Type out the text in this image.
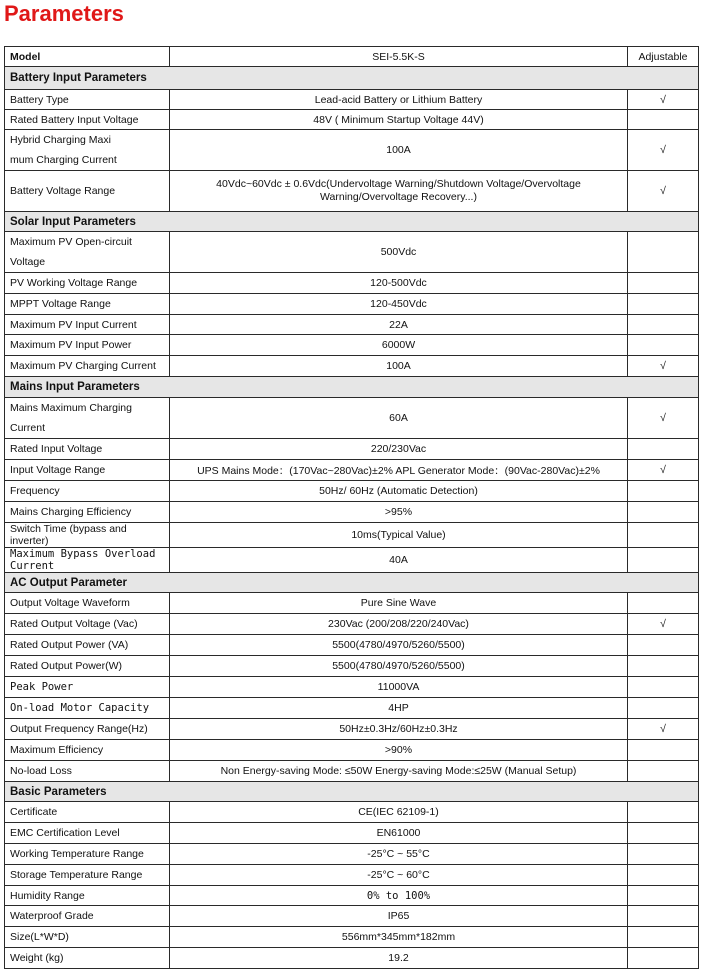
Parameters
Model	SEI-5.5K-S	Adjustable
Battery Input Parameters		
Battery Type	Lead-acid Battery or Lithium Battery	√
Rated Battery Input Voltage	48V ( Minimum Startup Voltage 44V)	

Hybrid Charging Maxi
mum Charging Current	100A	√
Battery Voltage Range	40Vdc~60Vdc ± 0.6Vdc(Undervoltage Warning/Shutdown Voltage/Overvoltage
Warning/Overvoltage Recovery...)	√
Solar Input Parameters		

Maximum PV Open-circuit
Voltage	500Vdc	
PV Working Voltage Range	120-500Vdc	
MPPT Voltage Range	120-450Vdc	
Maximum PV Input Current	22A	
Maximum PV Input Power	6000W	
Maximum PV Charging Current	100A	√
Mains Input Parameters		

Mains Maximum Charging
Current	60A	√
Rated Input Voltage	220/230Vac	
Input Voltage Range	UPS Mains Mode：(170Vac~280Vac)±2% APL Generator Mode：(90Vac-280Vac)±2%	√
Frequency	50Hz/ 60Hz (Automatic Detection)	
Mains Charging Efficiency	>95%	
Switch Time (bypass and inverter)	10ms(Typical Value)	
Maximum Bypass Overload Current	40A	
AC Output Parameter		
Output Voltage Waveform	Pure Sine Wave	
Rated Output Voltage (Vac)	230Vac (200/208/220/240Vac)	√
Rated Output Power (VA)	5500(4780/4970/5260/5500)	
Rated Output Power(W)	5500(4780/4970/5260/5500)	
Peak Power	11000VA	
On-load Motor Capacity	4HP	
Output Frequency Range(Hz)	50Hz±0.3Hz/60Hz±0.3Hz	√
Maximum Efficiency	>90%	
No-load Loss	Non Energy-saving Mode: ≤50W Energy-saving Mode:≤25W (Manual Setup)	
Basic Parameters		
Certificate	CE(IEC 62109-1)	
EMC Certification Level	EN61000	
Working Temperature Range	-25°C ~ 55°C	
Storage Temperature Range	-25°C ~ 60°C	
Humidity Range	0% to 100%	
Waterproof Grade	IP65	
Size(L*W*D)	556mm*345mm*182mm	
Weight (kg)	19.2	
